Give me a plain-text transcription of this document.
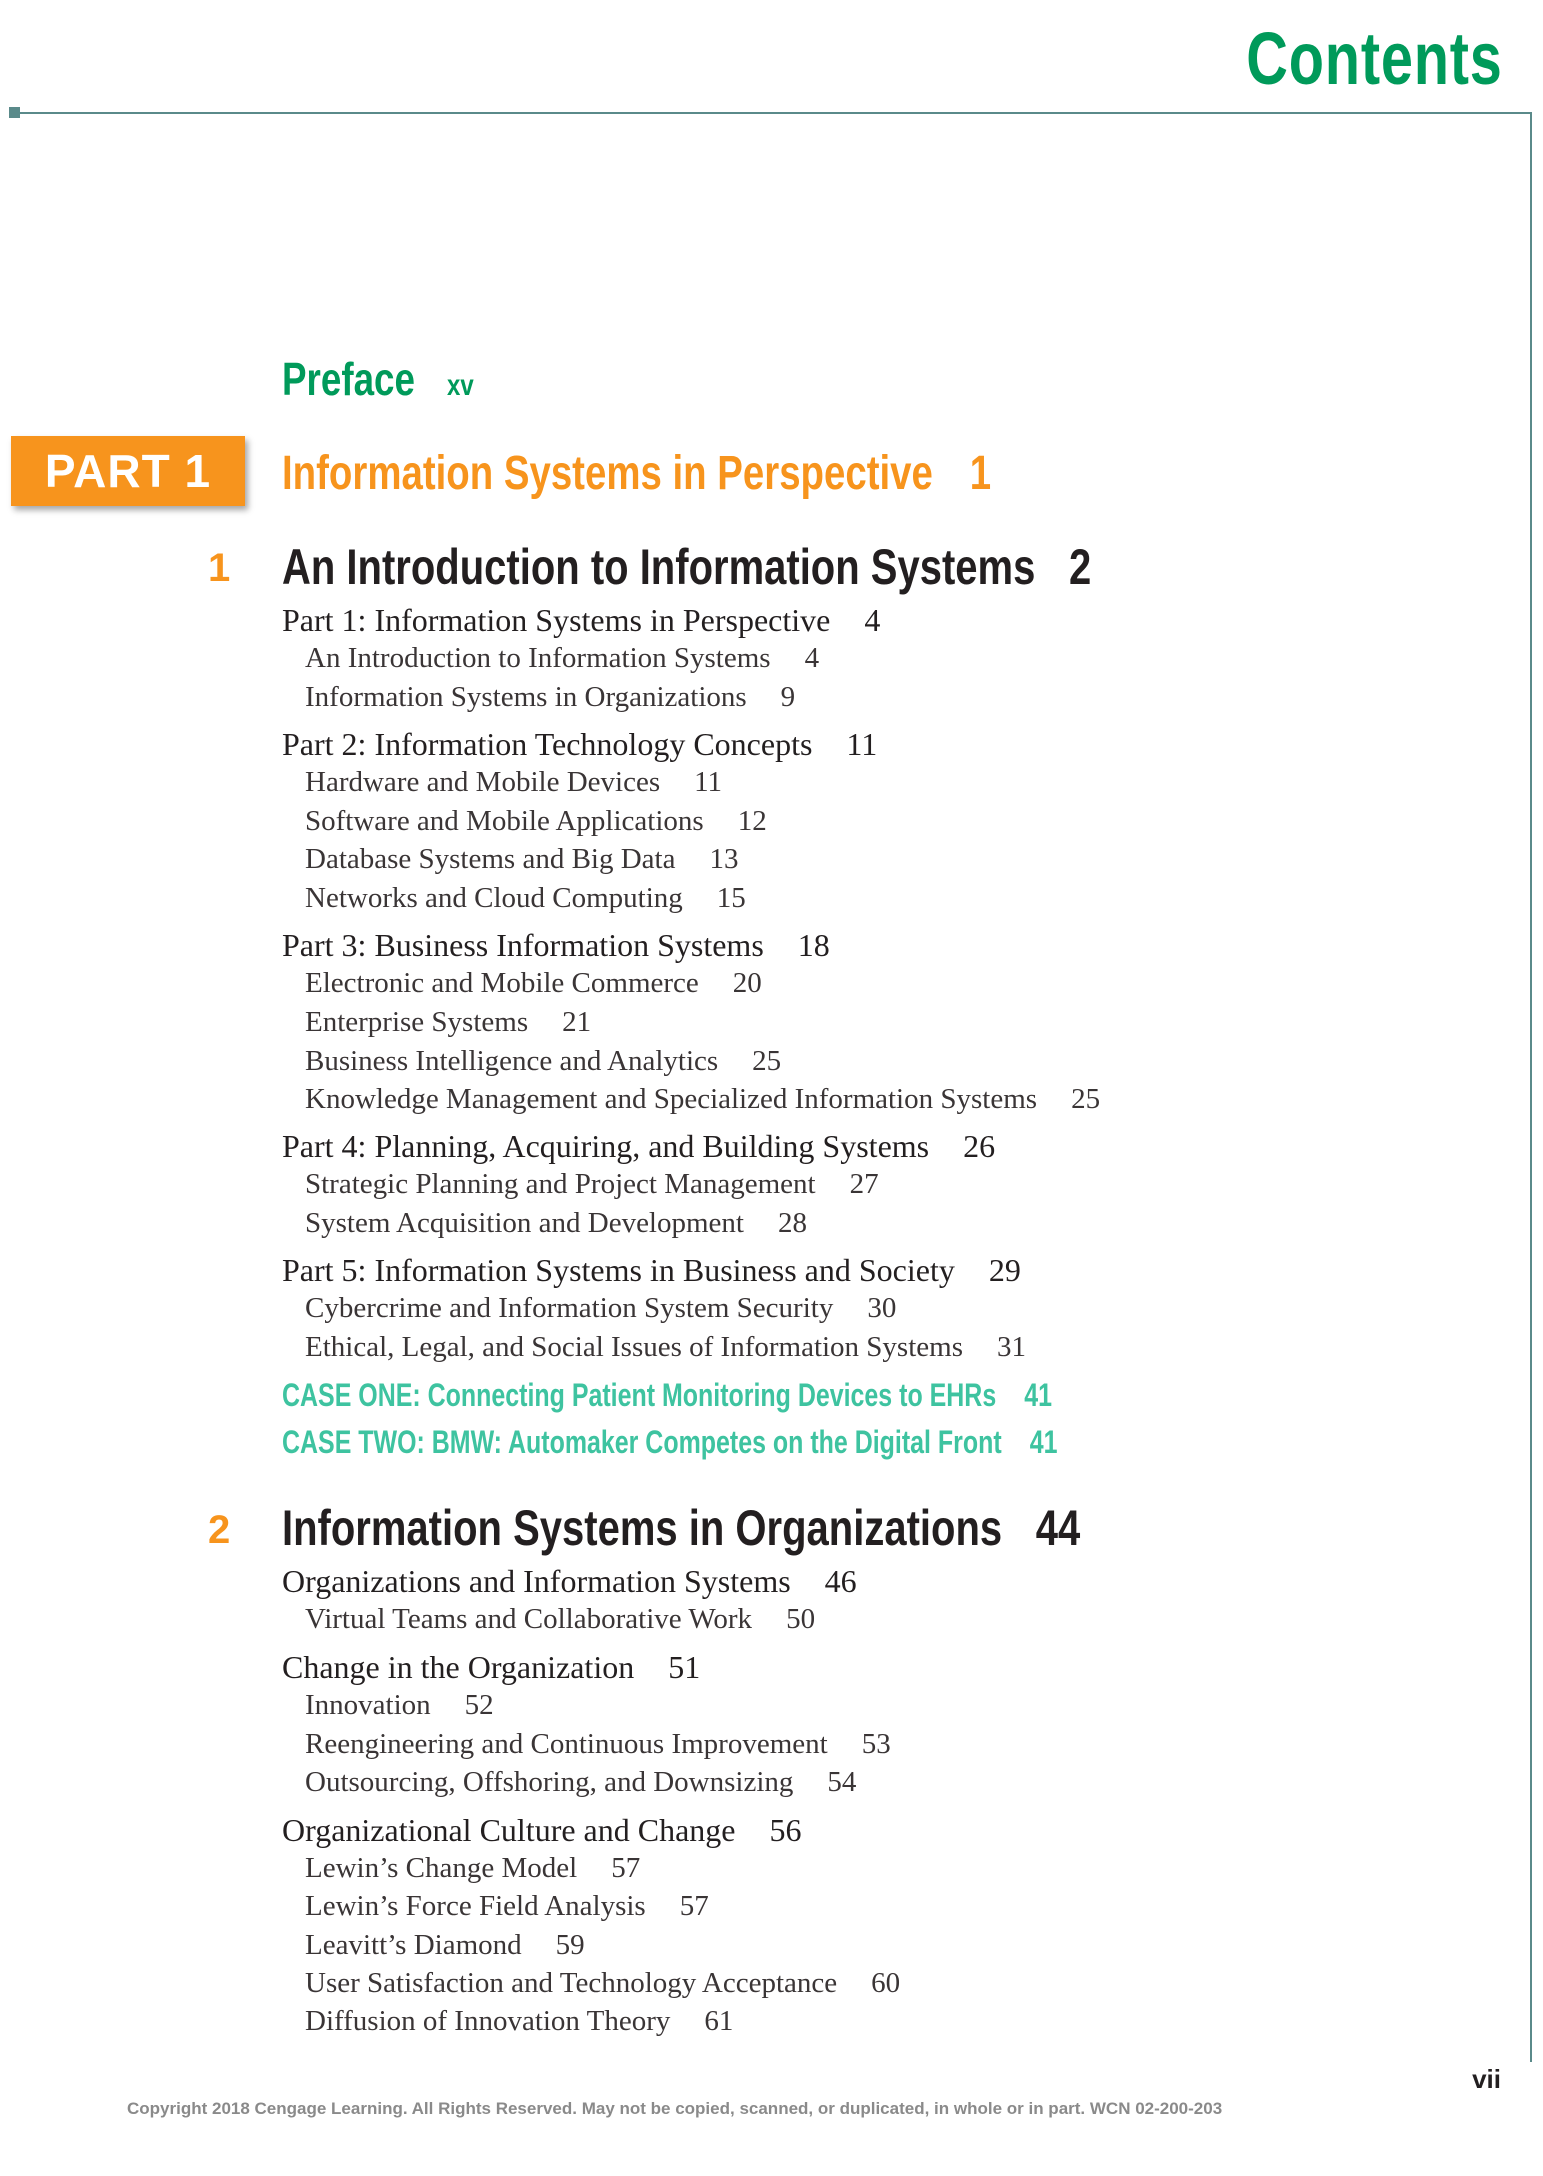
Contents
Preface xv
PART 1	Information Systems in Perspective 1
1 An Introduction to Information Systems 2
Part 1: Information Systems in Perspective 4
An Introduction to Information Systems 4
Information Systems in Organizations 9
Part 2: Information Technology Concepts 11
Hardware and Mobile Devices 11
Software and Mobile Applications 12
Database Systems and Big Data 13
Networks and Cloud Computing 15
Part 3: Business Information Systems 18
Electronic and Mobile Commerce 20
Enterprise Systems 21
Business Intelligence and Analytics 25
Knowledge Management and Specialized Information Systems 25
Part 4: Planning, Acquiring, and Building Systems 26
Strategic Planning and Project Management 27
System Acquisition and Development 28
Part 5: Information Systems in Business and Society 29
Cybercrime and Information System Security 30
Ethical, Legal, and Social Issues of Information Systems 31
CASE ONE: Connecting Patient Monitoring Devices to EHRs 41
CASE TWO: BMW: Automaker Competes on the Digital Front 41
2 Information Systems in Organizations 44
Organizations and Information Systems 46
Virtual Teams and Collaborative Work 50
Change in the Organization 51
Innovation 52
Reengineering and Continuous Improvement 53
Outsourcing, Offshoring, and Downsizing 54
Organizational Culture and Change 56
Lewin’s Change Model 57
Lewin’s Force Field Analysis 57
Leavitt’s Diamond 59
User Satisfaction and Technology Acceptance 60
Diffusion of Innovation Theory 61
vii
Copyright 2018 Cengage Learning. All Rights Reserved. May not be copied, scanned, or duplicated, in whole or in part. WCN 02-200-203
